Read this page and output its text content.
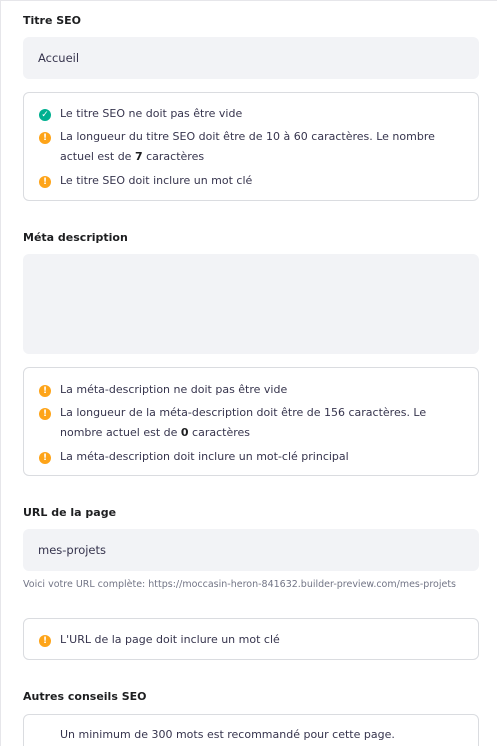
Titre SEO
Accueil
✓ Le titre SEO ne doit pas être vide
!	La longueur du titre SEO doit être de 10 à 60 caractères. Le nombre actuel est de 7 caractères
!	Le titre SEO doit inclure un mot clé
Méta description
!	La méta-description ne doit pas être vide
!	La longueur de la méta-description doit être de 156 caractères. Le nombre actuel est de 0 caractères
!	La méta-description doit inclure un mot-clé principal
URL de la page
mes-projets
Voici votre URL complète: https://moccasin-heron-841632.builder-preview.com/mes-projets
!	L'URL de la page doit inclure un mot clé
Autres conseils SEO
Un minimum de 300 mots est recommandé pour cette page.
